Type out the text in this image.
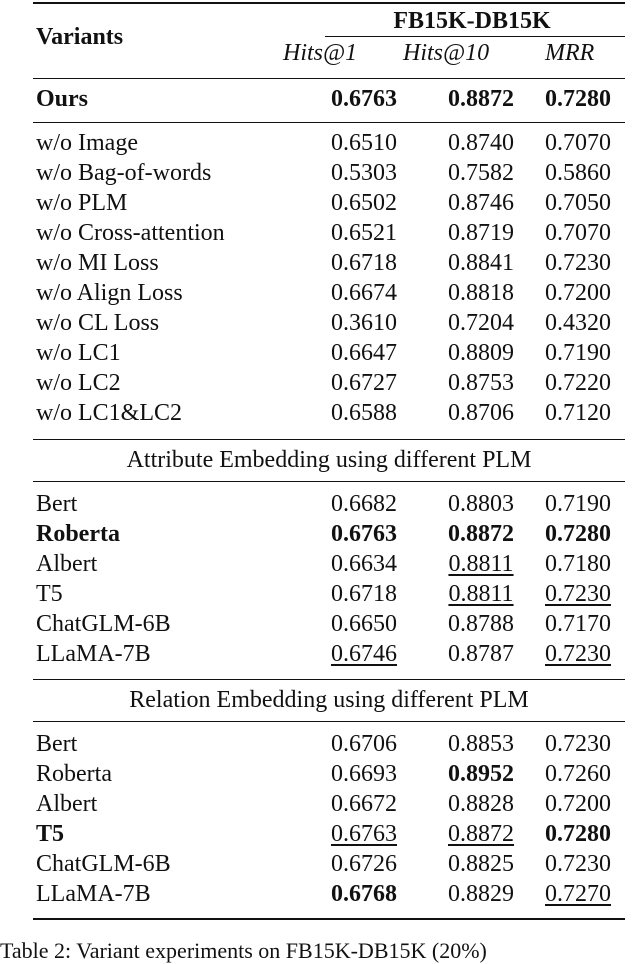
Variants
FB15K-DB15K
Hits@1 Hits@10 MRR
Ours	0.6763	0.8872	0.7280
w/o Image	0.6510	0.8740	0.7070
w/o Bag-of-words	0.5303	0.7582	0.5860
w/o PLM	0.6502	0.8746	0.7050
w/o Cross-attention	0.6521	0.8719	0.7070
w/o MI Loss	0.6718	0.8841	0.7230
w/o Align Loss	0.6674	0.8818	0.7200
w/o CL Loss	0.3610	0.7204	0.4320
w/o LC1	0.6647	0.8809	0.7190
w/o LC2	0.6727	0.8753	0.7220
w/o LC1&LC2	0.6588	0.8706	0.7120
Attribute Embedding using different PLM
Bert	0.6682	0.8803	0.7190
Roberta	0.6763	0.8872	0.7280
Albert	0.6634	0.8811	0.7180
T5	0.6718	0.8811	0.7230
ChatGLM-6B	0.6650	0.8788	0.7170
LLaMA-7B	0.6746	0.8787	0.7230
Relation Embedding using different PLM
Bert	0.6706	0.8853	0.7230
Roberta	0.6693	0.8952	0.7260
Albert	0.6672	0.8828	0.7200
T5	0.6763	0.8872	0.7280
ChatGLM-6B	0.6726	0.8825	0.7230
LLaMA-7B	0.6768	0.8829	0.7270
Table 2: Variant experiments on FB15K-DB15K (20%)
